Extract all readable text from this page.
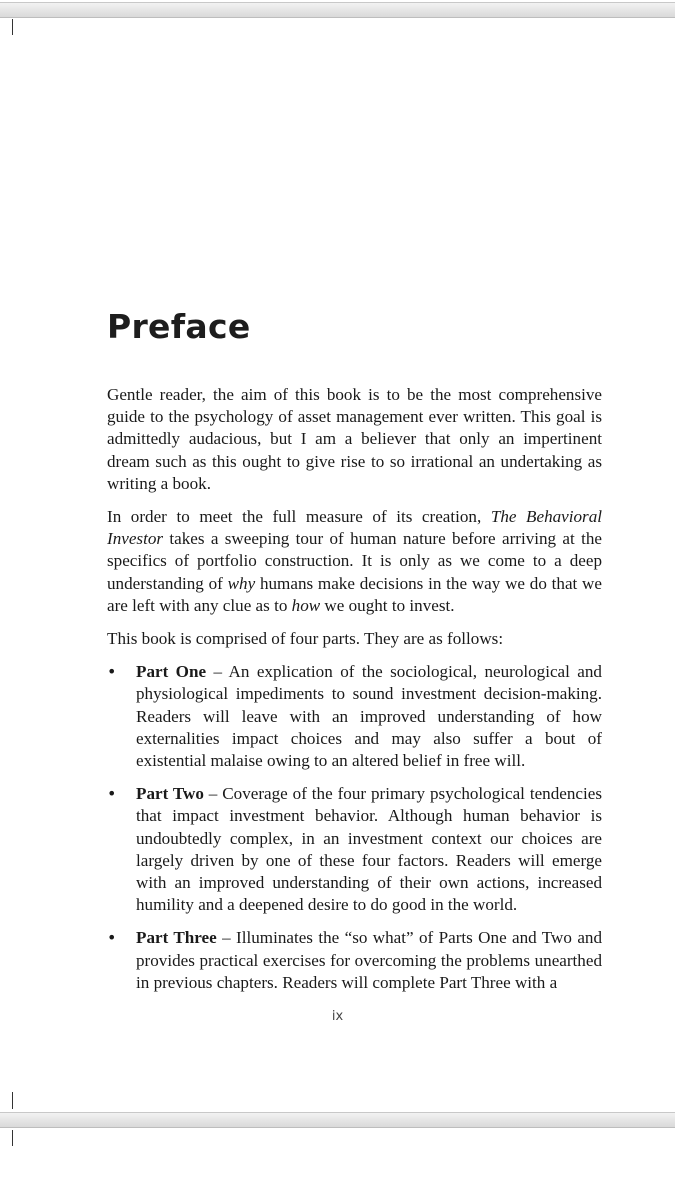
Preface

Gentle reader, the aim of this book is to be the most comprehensive guide to the psychology of asset management ever written. This goal is admittedly audacious, but I am a believer that only an impertinent dream such as this ought to give rise to so irrational an undertaking as writing a book.

In order to meet the full measure of its creation, The Behavioral Investor takes a sweeping tour of human nature before arriving at the specifics of portfolio construction. It is only as we come to a deep understanding of why humans make decisions in the way we do that we are left with any clue as to how we ought to invest.

This book is comprised of four parts. They are as follows:

• Part One – An explication of the sociological, neurological and physiological impediments to sound investment decision-making. Readers will leave with an improved understanding of how externalities impact choices and may also suffer a bout of existential malaise owing to an altered belief in free will.
• Part Two – Coverage of the four primary psychological tendencies that impact investment behavior. Although human behavior is undoubtedly complex, in an investment context our choices are largely driven by one of these four factors. Readers will emerge with an improved understanding of their own actions, increased humility and a deepened desire to do good in the world.
• Part Three – Illuminates the “so what” of Parts One and Two and provides practical exercises for overcoming the problems unearthed in previous chapters. Readers will complete Part Three with a
ix
